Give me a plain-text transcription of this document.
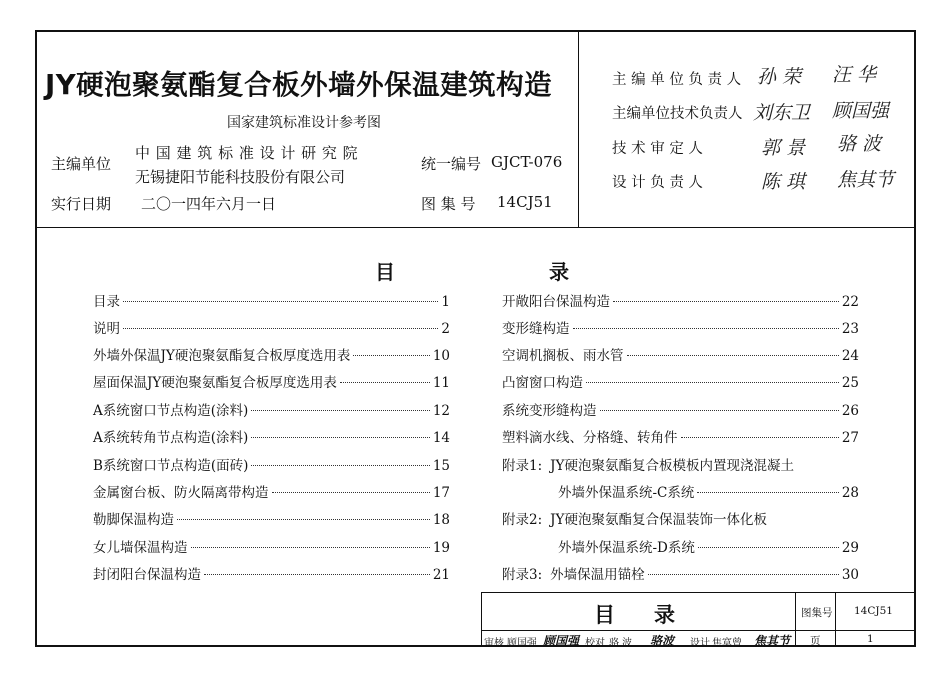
JY硬泡聚氨酯复合板外墙外保温建筑构造
国家建筑标准设计参考图
主编单位
中 国 建 筑 标 准 设 计 研 究 院
无锡捷阳节能科技股份有限公司
统一编号 GJCT-076
实行日期 二〇一四年六月一日	图 集 号 14CJ51
主 编 单 位 负 责 人 孙 荣 汪 华
主编单位技术负责人 刘东卫 顾国强
技 术 审 定 人	郭 景 骆 波
设 计 负 责 人	陈 琪 焦其节
目	录
目录	1
说明	2
外墙外保温JY硬泡聚氨酯复合板厚度选用表	10
屋面保温JY硬泡聚氨酯复合板厚度选用表	11
A系统窗口节点构造(涂料)	12
A系统转角节点构造(涂料)	14
B系统窗口节点构造(面砖)	15
金属窗台板、防火隔离带构造	17
勒脚保温构造	18
女儿墙保温构造	19
封闭阳台保温构造	21
开敞阳台保温构造	22
变形缝构造	23
空调机搁板、雨水管	24
凸窗窗口构造	25
系统变形缝构造	26
塑料滴水线、分格缝、转角件	27
附录1: JY硬泡聚氨酯复合板模板内置现浇混凝土
外墙外保温系统-C系统	28
附录2: JY硬泡聚氨酯复合保温装饰一体化板
外墙外保温系统-D系统	29
附录3: 外墙保温用锚栓	30
目 录	图集号 14CJ51
页	1
审核 顾国强 顾国强 校对 骆 波 骆波 设计 焦寞曾 焦其节
